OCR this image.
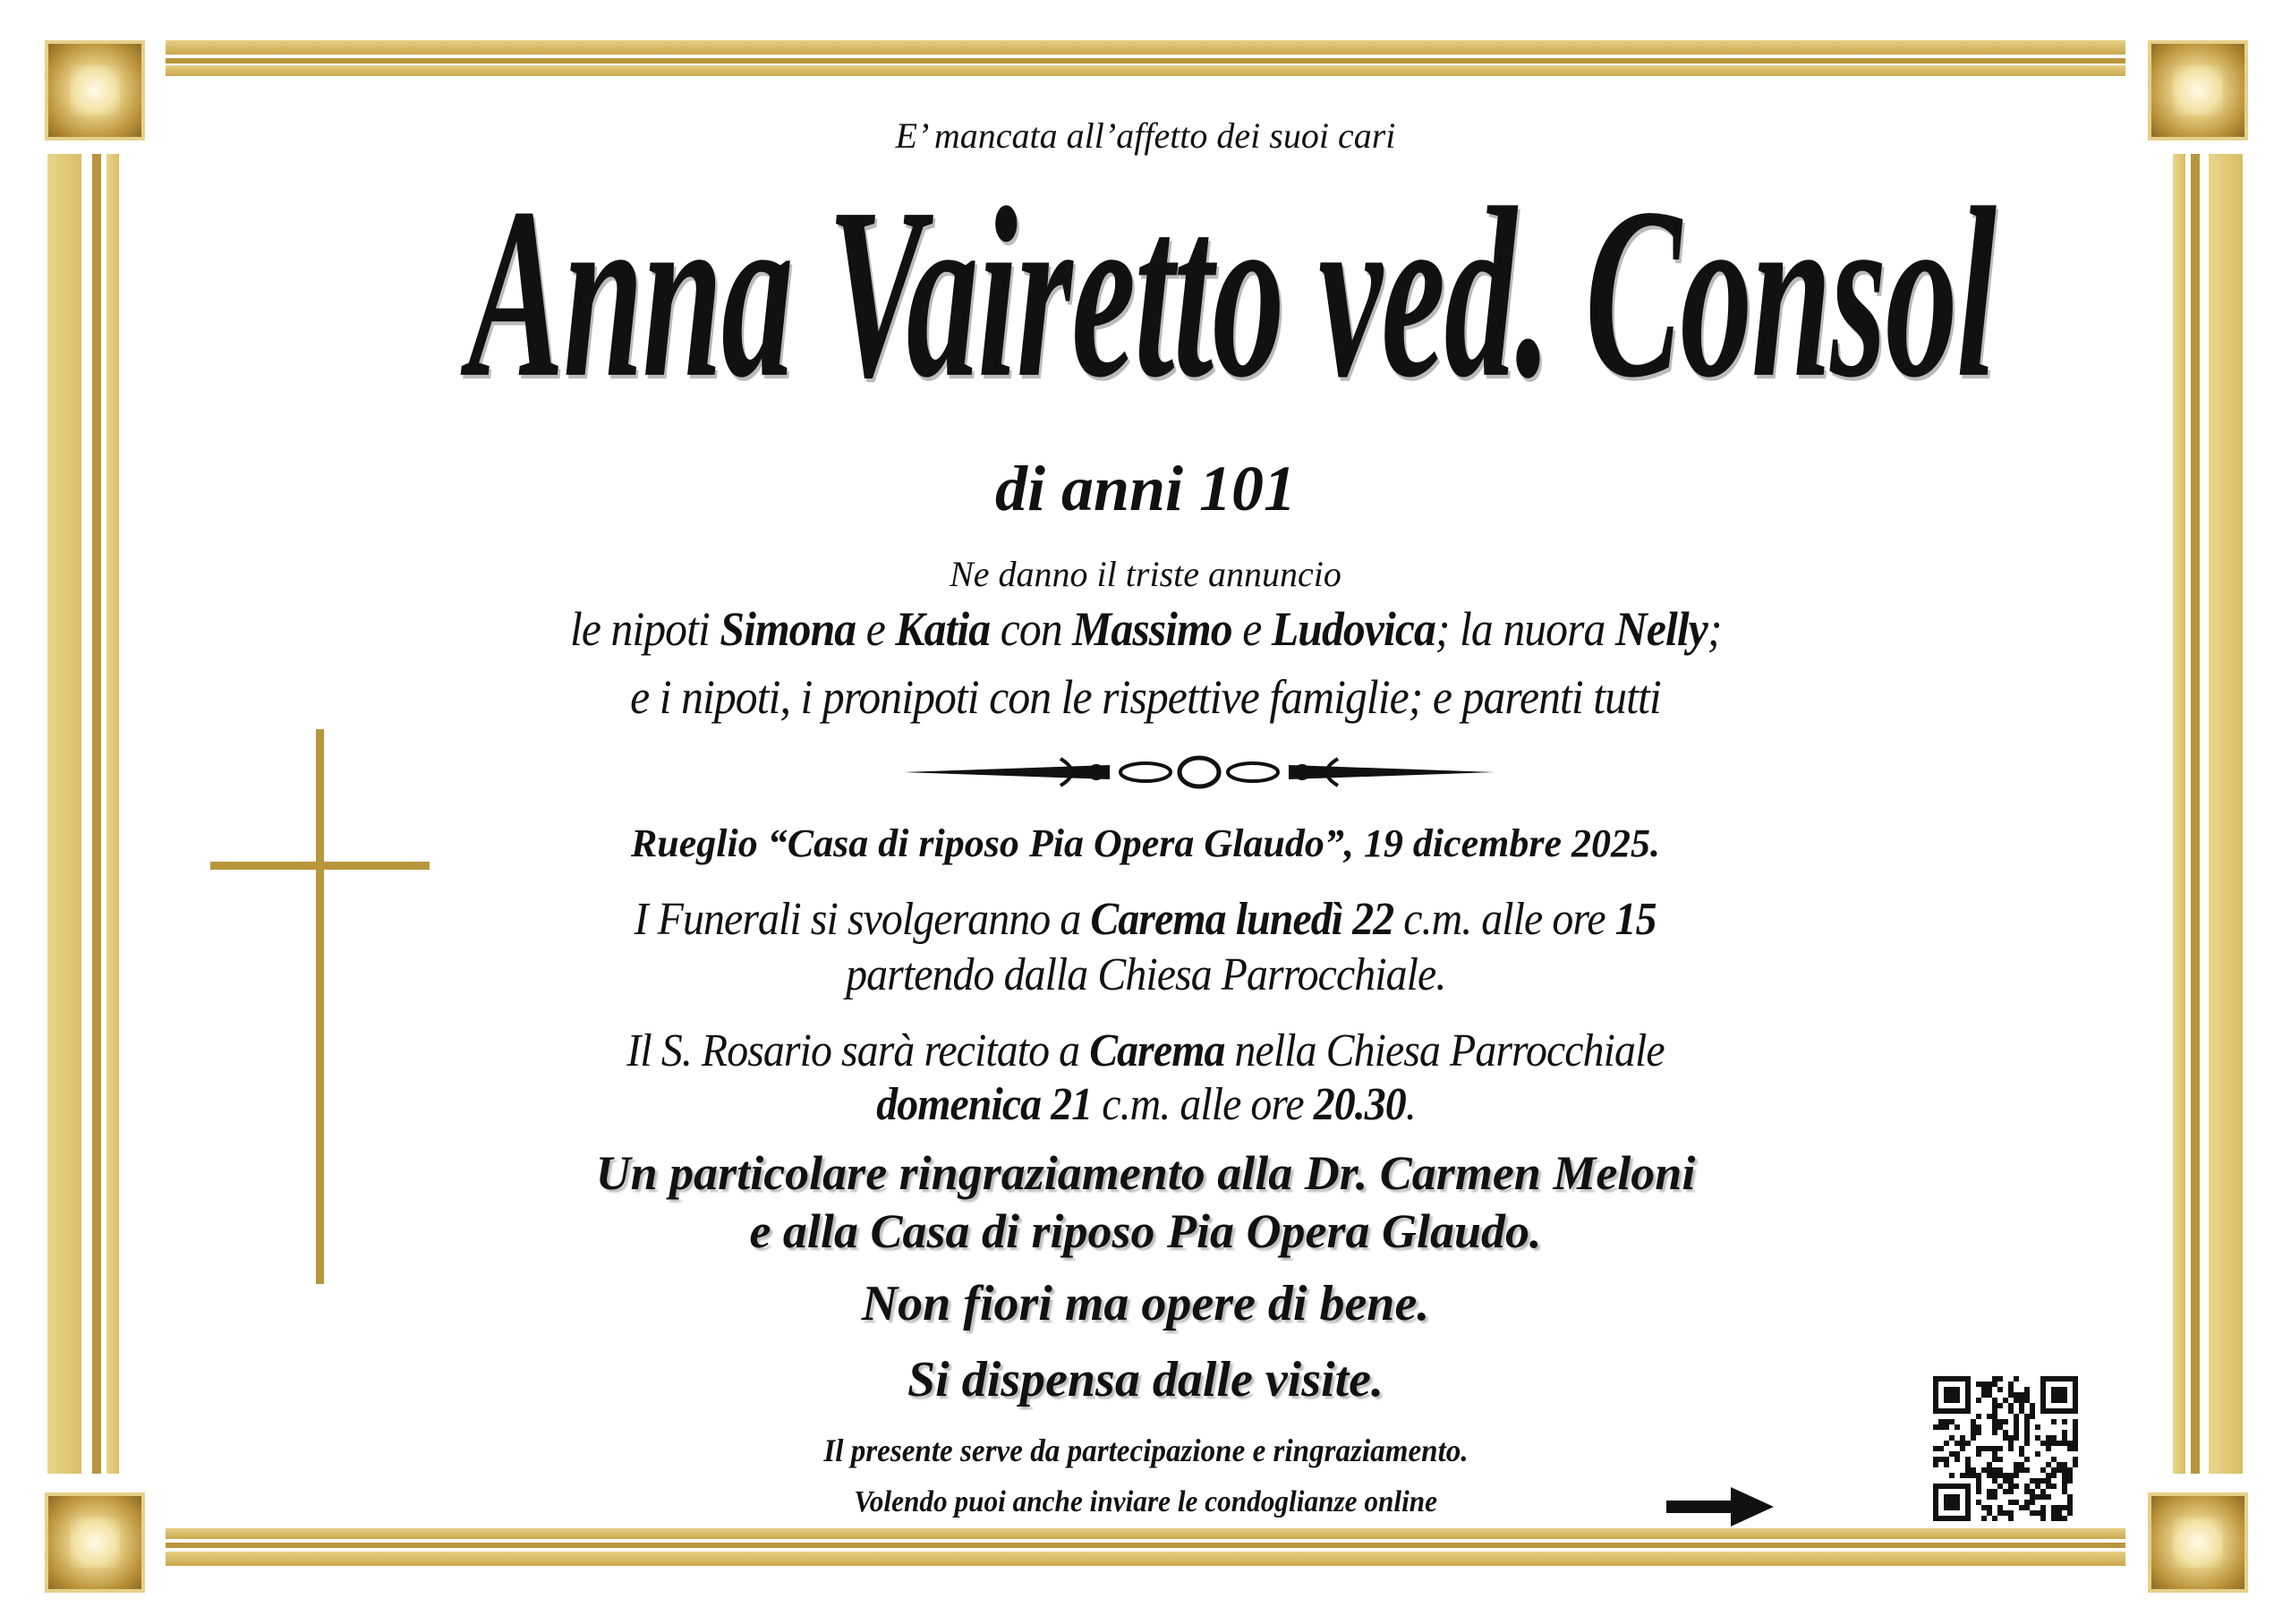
E’ mancata all’affetto dei suoi cari
Anna Vairetto ved. Consol
di anni 101
Ne danno il triste annuncio
le nipoti Simona e Katia con Massimo e Ludovica; la nuora Nelly;
e i nipoti, i pronipoti con le rispettive famiglie; e parenti tutti
Rueglio “Casa di riposo Pia Opera Glaudo”, 19 dicembre 2025.
I Funerali si svolgeranno a Carema lunedì 22 c.m. alle ore 15
partendo dalla Chiesa Parrocchiale.
Il S. Rosario sarà recitato a Carema nella Chiesa Parrocchiale
domenica 21 c.m. alle ore 20.30.
Un particolare ringraziamento alla Dr. Carmen Meloni
e alla Casa di riposo Pia Opera Glaudo.
Non fiori ma opere di bene.
Si dispensa dalle visite.
Il presente serve da partecipazione e ringraziamento.
Volendo puoi anche inviare le condoglianze online
